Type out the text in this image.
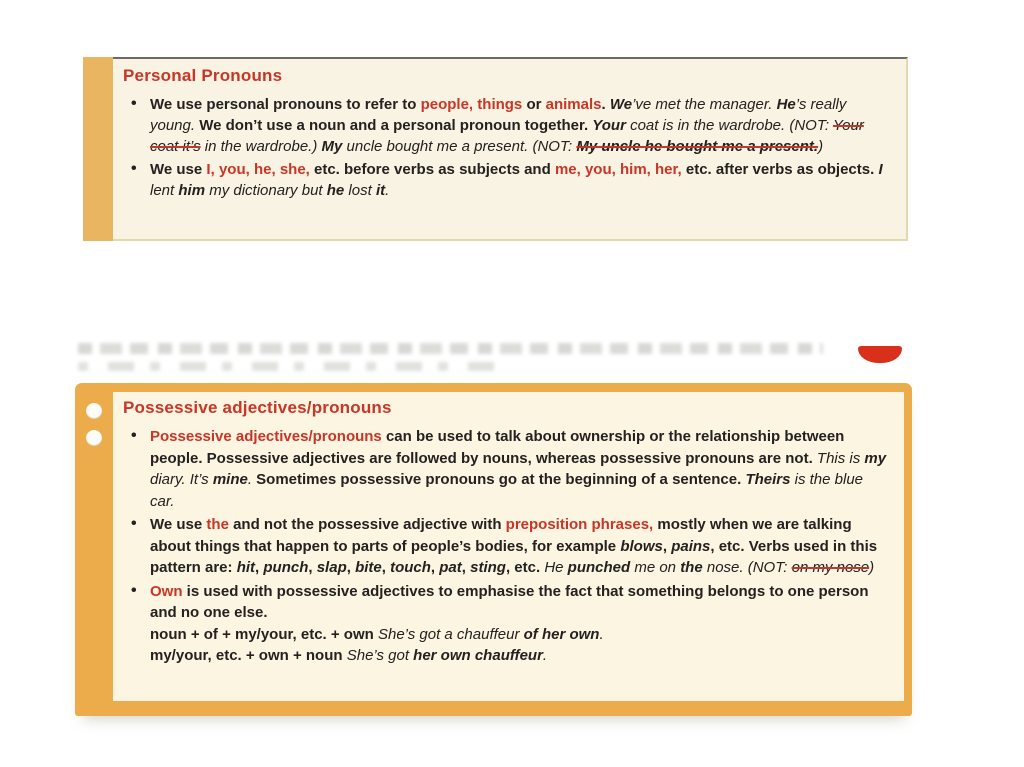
Personal Pronouns
• We use personal pronouns to refer to people, things or animals. We’ve met the manager. He’s really young. We don’t use a noun and a personal pronoun together. Your coat is in the wardrobe. (NOT: Your coat it’s in the wardrobe.) My uncle bought me a present. (NOT: My uncle he bought me a present.)
• We use I, you, he, she, etc. before verbs as subjects and me, you, him, her, etc. after verbs as objects. I lent him my dictionary but he lost it.
Possessive adjectives/pronouns
• Possessive adjectives/pronouns can be used to talk about ownership or the relationship between people. Possessive adjectives are followed by nouns, whereas possessive pronouns are not. This is my diary. It’s mine. Sometimes possessive pronouns go at the beginning of a sentence. Theirs is the blue car.
• We use the and not the possessive adjective with preposition phrases, mostly when we are talking about things that happen to parts of people’s bodies, for example blows, pains, etc. Verbs used in this pattern are: hit, punch, slap, bite, touch, pat, sting, etc. He punched me on the nose. (NOT: on my nose)
• Own is used with possessive adjectives to emphasise the fact that something belongs to one person and no one else.
noun + of + my/your, etc. + own She’s got a chauffeur of her own.
my/your, etc. + own + noun She’s got her own chauffeur.
